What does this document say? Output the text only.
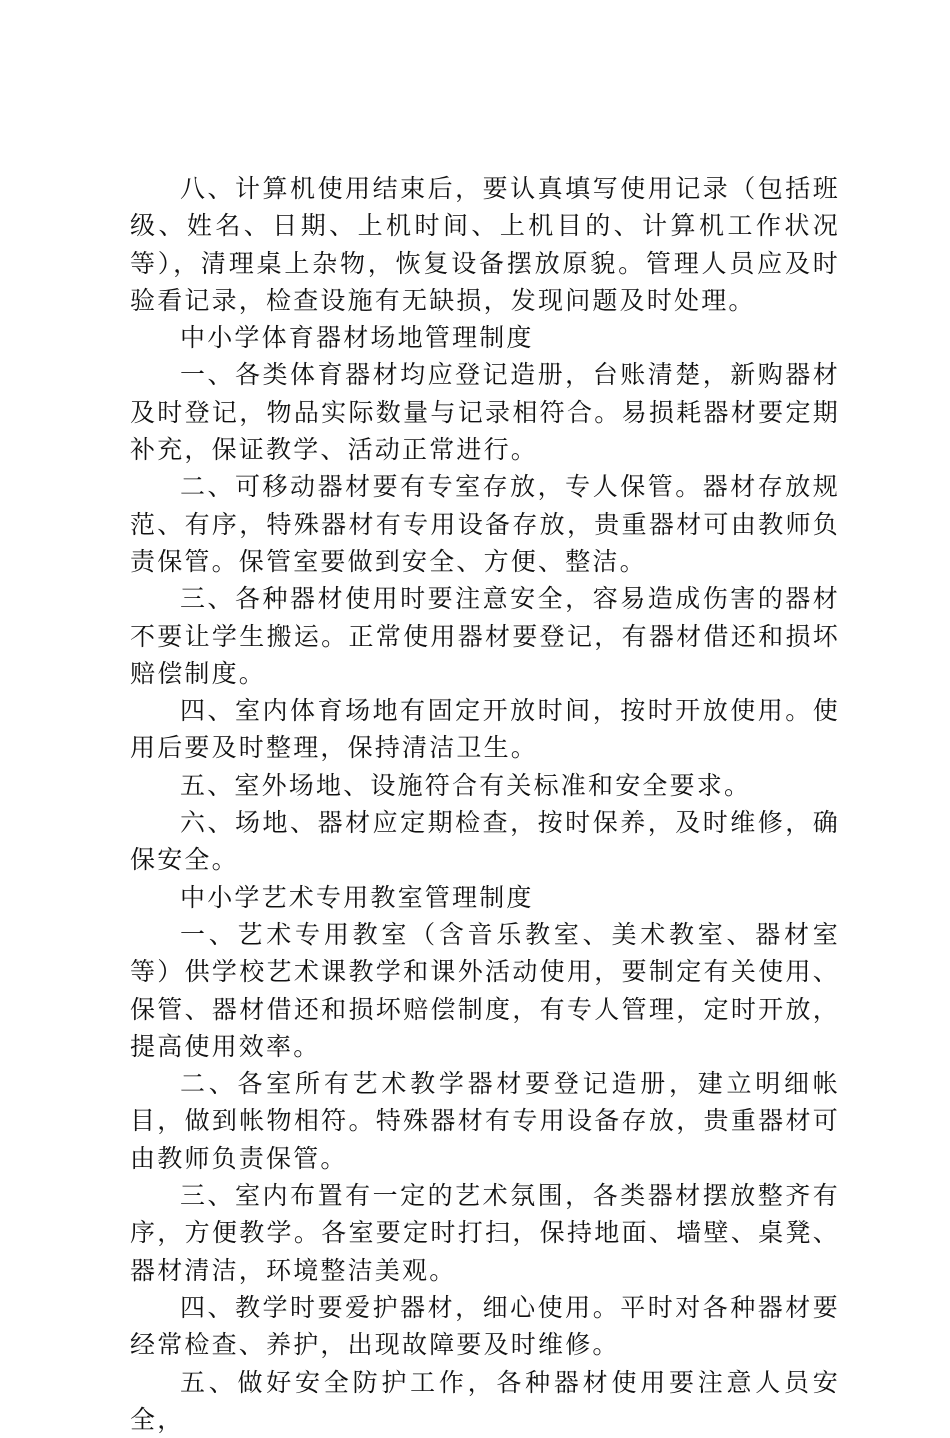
八、计算机使用结束后，要认真填写使用记录（包括班级、姓名、日期、上机时间、上机目的、计算机工作状况等），清理桌上杂物，恢复设备摆放原貌。管理人员应及时验看记录，检查设施有无缺损，发现问题及时处理。

中小学体育器材场地管理制度

一、各类体育器材均应登记造册，台账清楚，新购器材及时登记，物品实际数量与记录相符合。易损耗器材要定期补充，保证教学、活动正常进行。

二、可移动器材要有专室存放，专人保管。器材存放规范、有序，特殊器材有专用设备存放，贵重器材可由教师负责保管。保管室要做到安全、方便、整洁。

三、各种器材使用时要注意安全，容易造成伤害的器材不要让学生搬运。正常使用器材要登记，有器材借还和损坏赔偿制度。

四、室内体育场地有固定开放时间，按时开放使用。使用后要及时整理，保持清洁卫生。

五、室外场地、设施符合有关标准和安全要求。

六、场地、器材应定期检查，按时保养，及时维修，确保安全。

中小学艺术专用教室管理制度

一、艺术专用教室（含音乐教室、美术教室、器材室等）供学校艺术课教学和课外活动使用，要制定有关使用、保管、器材借还和损坏赔偿制度，有专人管理，定时开放，提高使用效率。

二、各室所有艺术教学器材要登记造册，建立明细帐目，做到帐物相符。特殊器材有专用设备存放，贵重器材可由教师负责保管。

三、室内布置有一定的艺术氛围，各类器材摆放整齐有序，方便教学。各室要定时打扫，保持地面、墙壁、桌凳、器材清洁，环境整洁美观。

四、教学时要爱护器材，细心使用。平时对各种器材要经常检查、养护，出现故障要及时维修。

五、做好安全防护工作，各种器材使用要注意人员安全，
